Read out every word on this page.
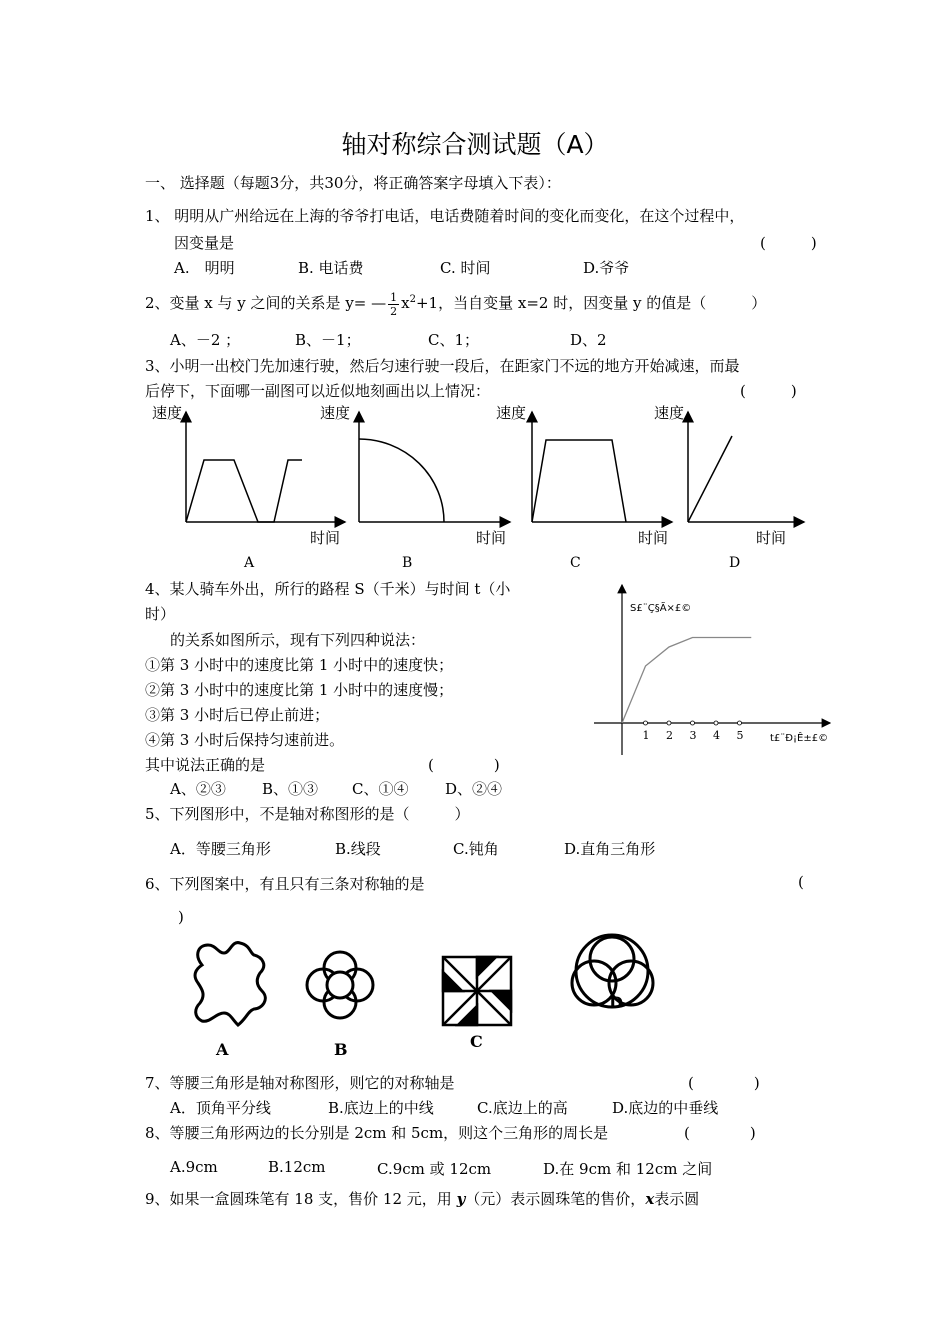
轴对称综合测试题（A）
一、 选择题（每题3分，共30分，将正确答案字母填入下表）：
1、 明明从广州给远在上海的爷爷打电话，电话费随着时间的变化而变化，在这个过程中，
因变量是	(　　　)
A.　明明	B. 电话费	C. 时间	D.爷爷
2、变量 x 与 y 之间的关系是 y= — $\frac{1}{2} x^2+1$，当自变量 x=2 时，因变量 y 的值是（　　　）
A、－2 ；	B、－1；	C、1；	D、2
3、小明一出校门先加速行驶，然后匀速行驶一段后，在距家门不远的地方开始减速，而最
后停下，下面哪一副图可以近似地刻画出以上情况：	(　　　)
速度
时间
A
速度
时间
B
速度
时间
C
速度
时间
D
4、某人骑车外出，所行的路程 S（千米）与时间 t（小
时）
的关系如图所示，现有下列四种说法：
①第 3 小时中的速度比第 1 小时中的速度快；
②第 3 小时中的速度比第 1 小时中的速度慢；
③第 3 小时后已停止前进；
④第 3 小时后保持匀速前进。
其中说法正确的是	(　　　　)
A、②③ B、①③ C、①④ D、②④
S£¨Ç§Ã×£©
t£¨Ð¡Ê±£©
1 2 3 4 5
5、下列图形中，不是轴对称图形的是（　　　）
A．等腰三角形	B.线段	C.钝角	D.直角三角形
6、下列图案中，有且只有三条对称轴的是	(
)
A	B	C
D
7、等腰三角形是轴对称图形，则它的对称轴是	(　　　　)
A．顶角平分线	B.底边上的中线	C.底边上的高	D.底边的中垂线
8、等腰三角形两边的长分别是 2cm 和 5cm，则这个三角形的周长是	(　　　　)
A.9cm	B.12cm	C.9cm 或 12cm	D.在 9cm 和 12cm 之间
9、如果一盒圆珠笔有 18 支，售价 12 元，用 y（元）表示圆珠笔的售价，x表示圆
